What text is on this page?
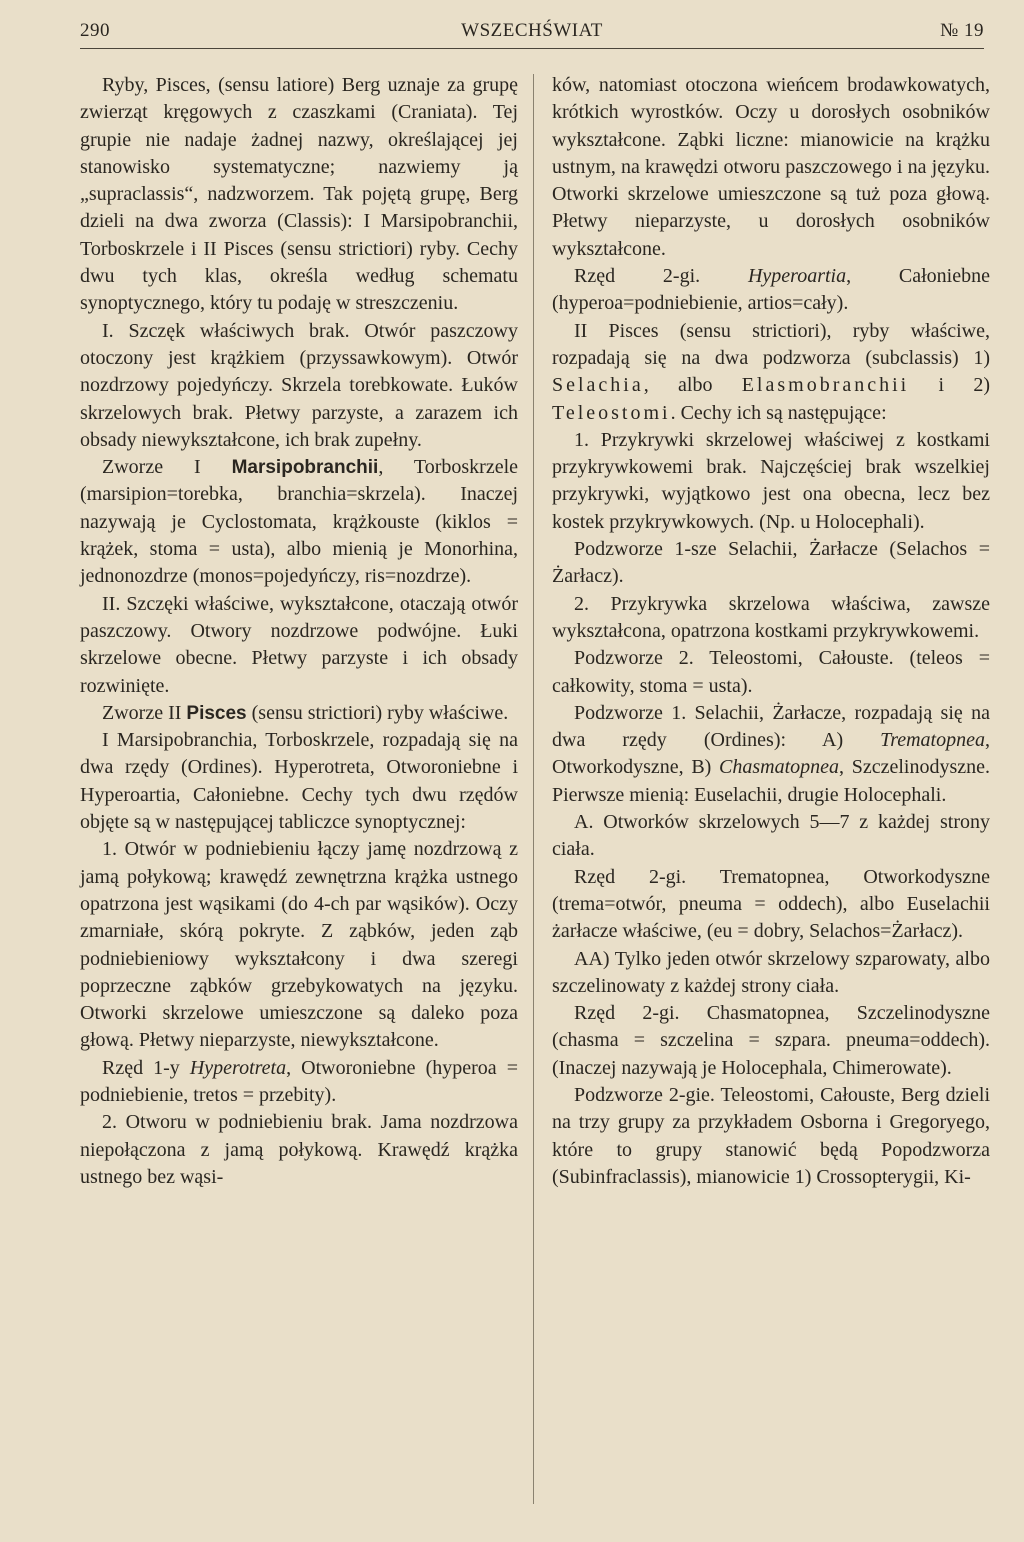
290	WSZECHŚWIAT	№ 19

Ryby, Pisces, (sensu latiore) Berg uznaje za grupę zwierząt kręgowych z czaszkami (Craniata). Tej grupie nie nadaje żadnej nazwy, określającej jej stanowisko systematyczne; nazwiemy ją „supraclassis“, nadzworzem. Tak pojętą grupę, Berg dzieli na dwa zworza (Classis): I Marsipobranchii, Torboskrzele i II Pisces (sensu strictiori) ryby. Cechy dwu tych klas, określa według schematu synoptycznego, który tu podaję w streszczeniu.

I. Szczęk właściwych brak. Otwór paszczowy otoczony jest krążkiem (przyssawkowym). Otwór nozdrzowy pojedyńczy. Skrzela torebkowate. Łuków skrzelowych brak. Płetwy parzyste, a zarazem ich obsady niewykształcone, ich brak zupełny.

Zworze I Marsipobranchii, Torboskrzele (marsipion=torebka, branchia=skrzela). Inaczej nazywają je Cyclostomata, krążkouste (kiklos = krążek, stoma = usta), albo mienią je Monorhina, jednonozdrze (monos=pojedyńczy, ris=nozdrze).

II. Szczęki właściwe, wykształcone, otaczają otwór paszczowy. Otwory nozdrzowe podwójne. Łuki skrzelowe obecne. Płetwy parzyste i ich obsady rozwinięte.

Zworze II Pisces (sensu strictiori) ryby właściwe.

I Marsipobranchia, Torboskrzele, rozpadają się na dwa rzędy (Ordines). Hyperotreta, Otworoniebne i Hyperoartia, Całoniebne. Cechy tych dwu rzędów objęte są w następującej tabliczce synoptycznej:

1. Otwór w podniebieniu łączy jamę nozdrzową z jamą połykową; krawędź zewnętrzna krążka ustnego opatrzona jest wąsikami (do 4-ch par wąsików). Oczy zmarniałe, skórą pokryte. Z ząbków, jeden ząb podniebieniowy wykształcony i dwa szeregi poprzeczne ząbków grzebykowatych na języku. Otworki skrzelowe umieszczone są daleko poza głową. Płetwy nieparzyste, niewykształcone.

Rzęd 1-y Hyperotreta, Otworoniebne (hyperoa = podniebienie, tretos = przebity).

2. Otworu w podniebieniu brak. Jama nozdrzowa niepołączona z jamą połykową. Krawędź krążka ustnego bez wąsi-

ków, natomiast otoczona wieńcem brodawkowatych, krótkich wyrostków. Oczy u dorosłych osobników wykształcone. Ząbki liczne: mianowicie na krążku ustnym, na krawędzi otworu paszczowego i na języku. Otworki skrzelowe umieszczone są tuż poza głową. Płetwy nieparzyste, u dorosłych osobników wykształcone.

Rzęd 2-gi. Hyperoartia, Całoniebne (hyperoa=podniebienie, artios=cały).

II Pisces (sensu strictiori), ryby właściwe, rozpadają się na dwa podzworza (subclassis) 1) Selachia, albo Elasmobranchii i 2) Teleostomi. Cechy ich są następujące:

1. Przykrywki skrzelowej właściwej z kostkami przykrywkowemi brak. Najczęściej brak wszelkiej przykrywki, wyjątkowo jest ona obecna, lecz bez kostek przykrywkowych. (Np. u Holocephali).

Podzworze 1-sze Selachii, Żarłacze (Selachos = Żarłacz).

2. Przykrywka skrzelowa właściwa, zawsze wykształcona, opatrzona kostkami przykrywkowemi.

Podzworze 2. Teleostomi, Całouste. (teleos = całkowity, stoma = usta).

Podzworze 1. Selachii, Żarłacze, rozpadają się na dwa rzędy (Ordines): A) Trematopnea, Otworkodyszne, B) Chasmatopnea, Szczelinodyszne. Pierwsze mienią: Euselachii, drugie Holocephali.

A. Otworków skrzelowych 5—7 z każdej strony ciała.

Rzęd 2-gi. Trematopnea, Otworkodyszne (trema=otwór, pneuma = oddech), albo Euselachii żarłacze właściwe, (eu = dobry, Selachos=Żarłacz).

AA) Tylko jeden otwór skrzelowy szparowaty, albo szczelinowaty z każdej strony ciała.

Rzęd 2-gi. Chasmatopnea, Szczelinodyszne (chasma = szczelina = szpara. pneuma=oddech). (Inaczej nazywają je Holocephala, Chimerowate).

Podzworze 2-gie. Teleostomi, Całouste, Berg dzieli na trzy grupy za przykładem Osborna i Gregoryego, które to grupy stanowić będą Popodzworza (Subinfraclassis), mianowicie 1) Crossopterygii, Ki-
